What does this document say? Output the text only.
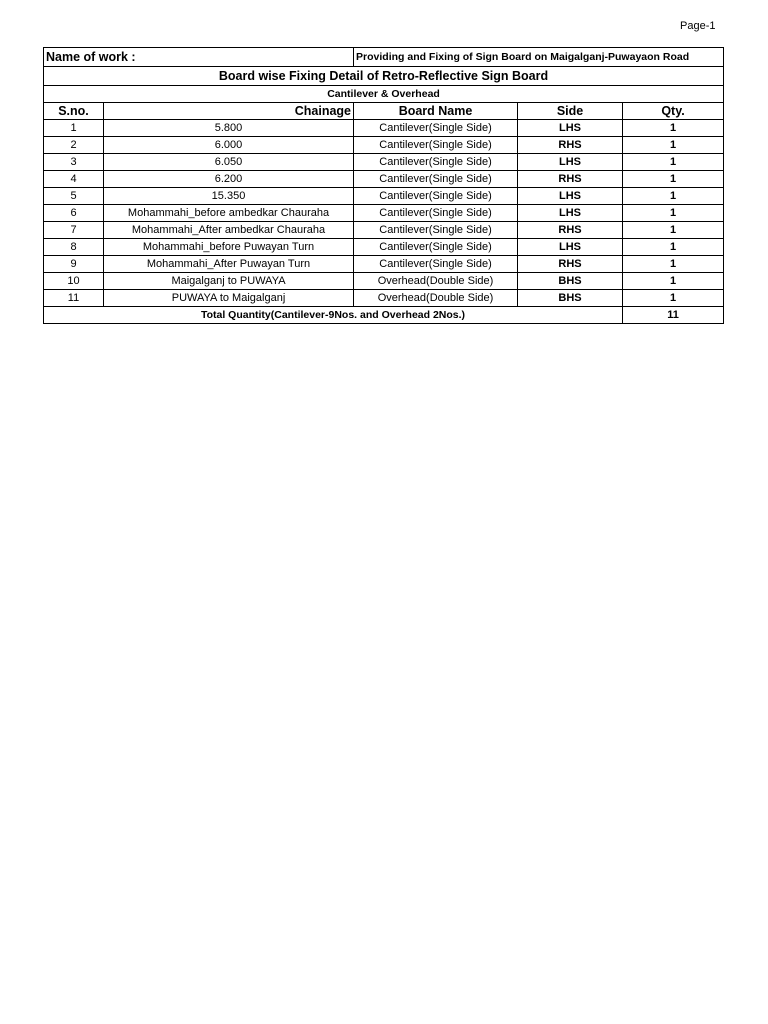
Page-1
Name of work :		Providing and Fixing of Sign Board on Maigalganj-Puwayaon Road		
Board wise Fixing Detail of Retro-Reflective Sign Board				
Cantilever & Overhead				
S.no.	Chainage	Board Name	Side	Qty.
1	5.800	Cantilever(Single Side)	LHS	1
2	6.000	Cantilever(Single Side)	RHS	1
3	6.050	Cantilever(Single Side)	LHS	1
4	6.200	Cantilever(Single Side)	RHS	1
5	15.350	Cantilever(Single Side)	LHS	1
6	Mohammahi_before ambedkar Chauraha	Cantilever(Single Side)	LHS	1
7	Mohammahi_After ambedkar Chauraha	Cantilever(Single Side)	RHS	1
8	Mohammahi_before Puwayan Turn	Cantilever(Single Side)	LHS	1
9	Mohammahi_After Puwayan Turn	Cantilever(Single Side)	RHS	1
10	Maigalganj to PUWAYA	Overhead(Double Side)	BHS	1
11	PUWAYA to Maigalganj	Overhead(Double Side)	BHS	1
Total Quantity(Cantilever-9Nos. and Overhead 2Nos.)				11
